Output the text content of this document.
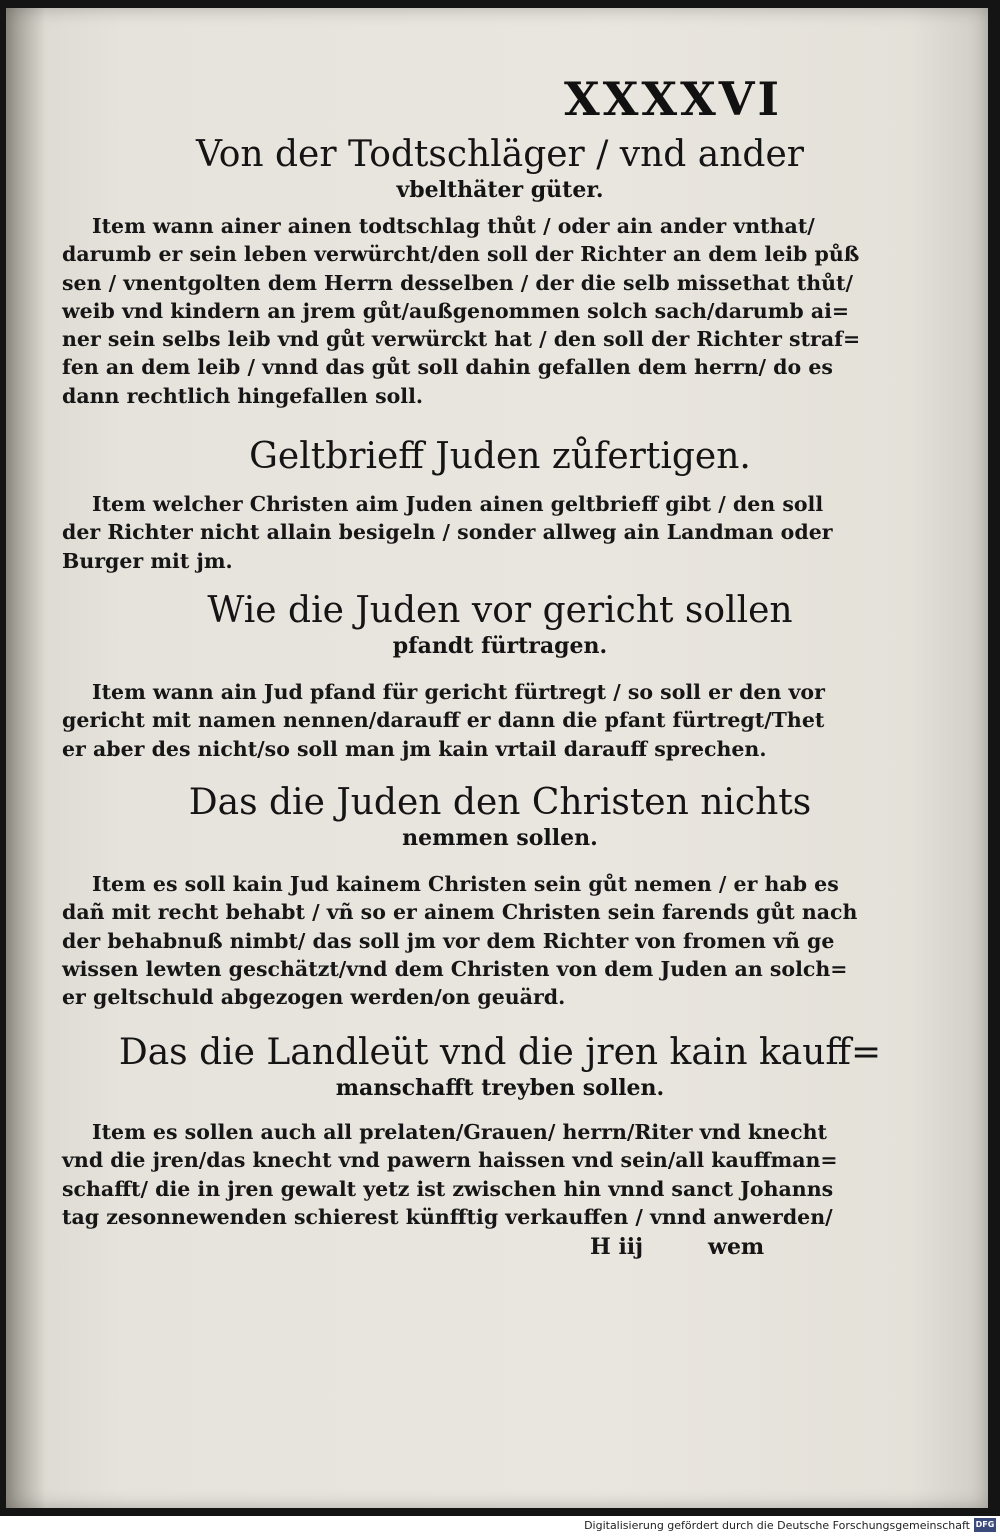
XXXXVI
Von der Todtschläger / vnd ander
vbelthäter güter.
Item wann ainer ainen todtschlag thůt / oder ain ander vnthat/
darumb er sein leben verwürcht/den soll der Richter an dem leib půß
sen / vnentgolten dem Herrn desselben / der die selb missethat thůt/
weib vnd kindern an jrem gůt/außgenommen solch sach/darumb ai=
ner sein selbs leib vnd gůt verwürckt hat / den soll der Richter straf=
fen an dem leib / vnnd das gůt soll dahin gefallen dem herrn/ do es
dann rechtlich hingefallen soll.
Geltbrieff Juden zůfertigen.
Item welcher Christen aim Juden ainen geltbrieff gibt / den soll
der Richter nicht allain besigeln / sonder allweg ain Landman oder
Burger mit jm.
Wie die Juden vor gericht sollen
pfandt fürtragen.
Item wann ain Jud pfand für gericht fürtregt / so soll er den vor
gericht mit namen nennen/darauff er dann die pfant fürtregt/Thet
er aber des nicht/so soll man jm kain vrtail darauff sprechen.
Das die Juden den Christen nichts
nemmen sollen.
Item es soll kain Jud kainem Christen sein gůt nemen / er hab es
dañ mit recht behabt / vñ so er ainem Christen sein farends gůt nach
der behabnuß nimbt/ das soll jm vor dem Richter von fromen vñ ge
wissen lewten geschätzt/vnd dem Christen von dem Juden an solch=
er geltschuld abgezogen werden/on geuärd.
Das die Landleüt vnd die jren kain kauff=
manschafft treyben sollen.
Item es sollen auch all prelaten/Grauen/ herrn/Riter vnd knecht
vnd die jren/das knecht vnd pawern haissen vnd sein/all kauffman=
schafft/ die in jren gewalt yetz ist zwischen hin vnnd sanct Johanns
tag zesonnewenden schierest künfftig verkauffen / vnnd anwerden/
H iij	wem
Digitalisierung gefördert durch die Deutsche Forschungsgemeinschaft DFG
